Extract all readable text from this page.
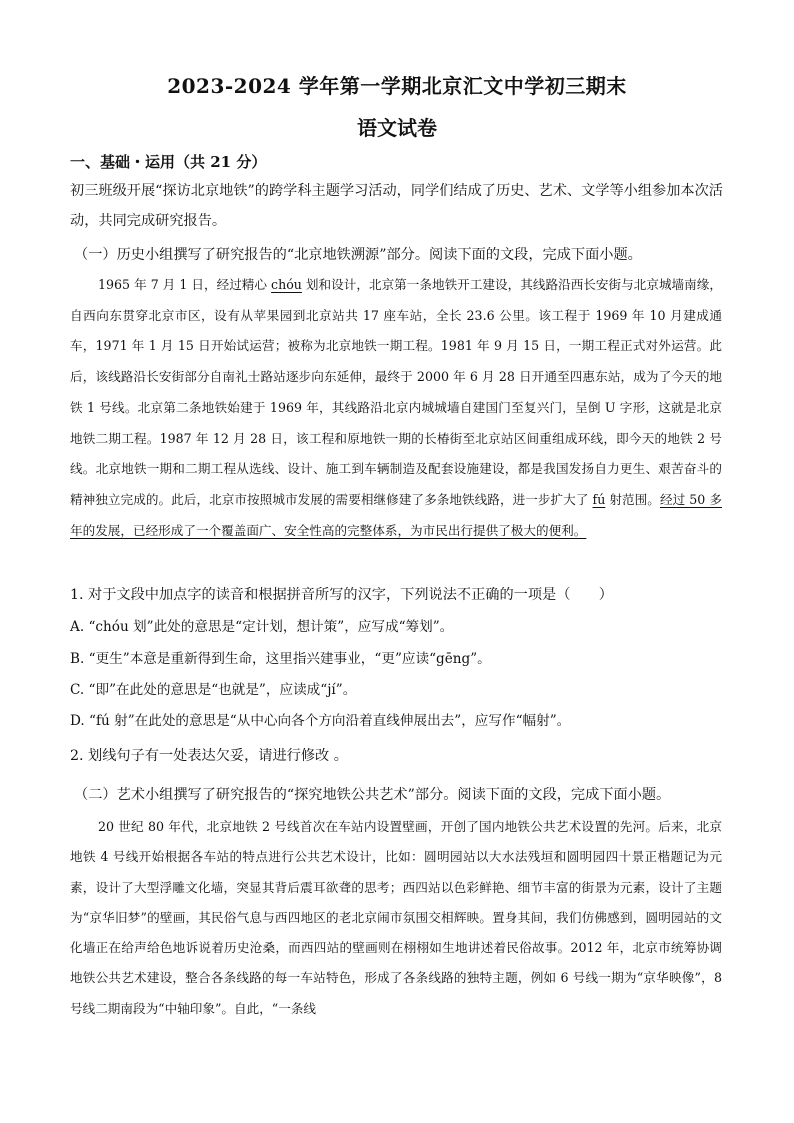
2023-2024 学年第一学期北京汇文中学初三期末
语文试卷
一、基础・运用（共 21 分）
初三班级开展“探访北京地铁”的跨学科主题学习活动，同学们结成了历史、艺术、文学等小组参加本次活动，共同完成研究报告。
（一）历史小组撰写了研究报告的“北京地铁溯源”部分。阅读下面的文段，完成下面小题。
1965 年 7 月 1 日，经过精心 chóu 划和设计，北京第一条地铁开工建设，其线路沿西长安街与北京城墙南缘，自西向东贯穿北京市区，设有从苹果园到北京站共 17 座车站，全长 23.6 公里。该工程于 1969 年 10 月建成通车，1971 年 1 月 15 日开始试运营；被称为北京地铁一期工程。1981 年 9 月 15 日，一期工程正式对外运营。此后，该线路沿长安街部分自南礼士路站逐步向东延伸，最终于 2000 年 6 月 28 日开通至四惠东站，成为了今天的地铁 1 号线。北京第二条地铁始建于 1969 年，其线路沿北京内城城墙自建国门至复兴门，呈倒 U 字形，这就是北京地铁二期工程。1987 年 12 月 28 日，该工程和原地铁一期的长椿街至北京站区间重组成环线，即今天的地铁 2 号线。北京地铁一期和二期工程从选线、设计、施工到车辆制造及配套设施建设，都是我国发扬自力更生、艰苦奋斗的精神独立完成的。此后，北京市按照城市发展的需要相继修建了多条地铁线路，进一步扩大了 fú 射范围。经过 50 多年的发展，已经形成了一个覆盖面广、安全性高的完整体系，为市民出行提供了极大的便利。
1. 对于文段中加点字的读音和根据拼音所写的汉字，下列说法不正确的一项是（　　）
A. “chóu 划”此处的意思是“定计划，想计策”，应写成“筹划”。
B. “更生”本意是重新得到生命，这里指兴建事业，“更”应读“gēng”。
C. “即”在此处的意思是“也就是”，应读成“jí”。
D. “fú 射”在此处的意思是“从中心向各个方向沿着直线伸展出去”，应写作“幅射”。
2. 划线句子有一处表达欠妥，请进行修改 。
（二）艺术小组撰写了研究报告的“探究地铁公共艺术”部分。阅读下面的文段，完成下面小题。
20 世纪 80 年代，北京地铁 2 号线首次在车站内设置壁画，开创了国内地铁公共艺术设置的先河。后来，北京地铁 4 号线开始根据各车站的特点进行公共艺术设计，比如：圆明园站以大水法残垣和圆明园四十景正楷题记为元素，设计了大型浮雕文化墙，突显其背后震耳欲聋的思考；西四站以色彩鲜艳、细节丰富的街景为元素，设计了主题为“京华旧梦”的壁画，其民俗气息与西四地区的老北京闹市氛围交相辉映。置身其间，我们仿佛感到，圆明园站的文化墙正在给声给色地诉说着历史沧桑，而西四站的壁画则在栩栩如生地讲述着民俗故事。2012 年，北京市统筹协调地铁公共艺术建设，整合各条线路的每一车站特色，形成了各条线路的独特主题，例如 6 号线一期为“京华映像”，8 号线二期南段为“中轴印象”。自此，“一条线
